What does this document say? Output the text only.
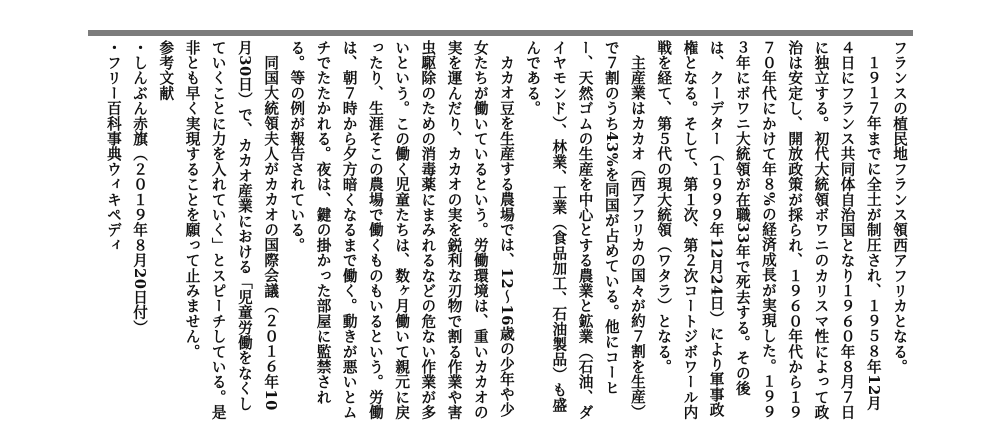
フランスの植民地フランス領西アフリカとなる。

１９１７年までに全土が制圧され、１９５８年12月４日にフランス共同体自治国となり１９６０年８月７日に独立する。初代大統領ボワニのカリスマ性によって政治は安定し、開放政策が採られ、１９６０年代から１９７０年代にかけて年８%の経済成長が実現した。１９９３年にボワニ大統領が在職33年で死去する。その後は、クーデター（１９９９年12月24日）により軍事政権となる。そして、第１次、第２次コートジボワール内戦を経て、第５代の現大統領（ワタラ）となる。

主産業はカカオ（西アフリカの国々が約７割を生産）で７割のうち43%を同国が占めている。他にコーヒー、天然ゴムの生産を中心とする農業と鉱業（石油、ダイヤモンド）、林業、工業（食品加工、石油製品）も盛んである。

カカオ豆を生産する農場では、12～16歳の少年や少女たちが働いているという。労働環境は、重いカカオの実を運んだり、カカオの実を鋭利な刃物で割る作業や害虫駆除のための消毒薬にまみれるなどの危ない作業が多いという。この働く児童たちは、数ヶ月働いて親元に戻ったり、生涯そこの農場で働くものもいるという。労働は、朝７時から夕方暗くなるまで働く。動きが悪いとムチでたたかれる。夜は、鍵の掛かった部屋に監禁される。等の例が報告されている。

同国大統領夫人がカカオの国際会議（２０１６年10月30日）で、カカオ産業における「児童労働をなくしていくことに力を入れていく」とスピーチしている。是非とも早く実現することを願って止みません。

参考文献

・しんぶん赤旗（２０１９年８月20日付）

・フリー百科事典ウィキペディ
